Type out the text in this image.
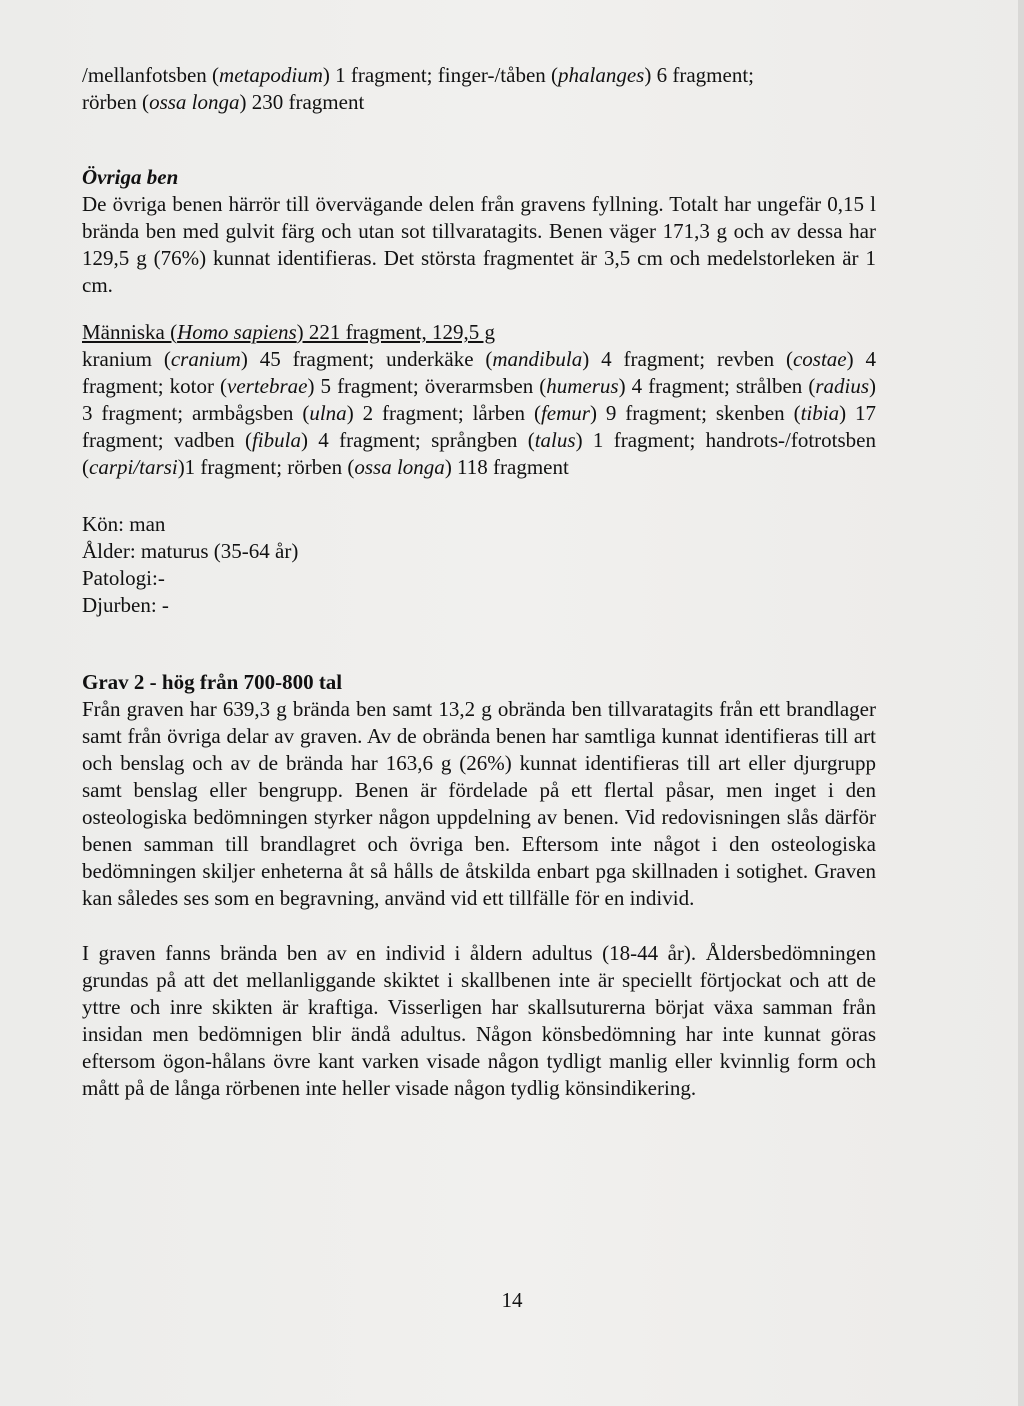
/mellanfotsben (metapodium) 1 fragment; finger-/tåben (phalanges) 6 fragment;
rörben (ossa longa) 230 fragment

Övriga ben

De övriga benen härrör till övervägande delen från gravens fyllning. Totalt har ungefär 0,15 l brända ben med gulvit färg och utan sot tillvaratagits. Benen väger 171,3 g och av dessa har 129,5 g (76%) kunnat identifieras. Det största fragmentet är 3,5 cm och medelstorleken är 1 cm.

Människa (Homo sapiens) 221 fragment, 129,5 g

kranium (cranium) 45 fragment; underkäke (mandibula) 4 fragment; revben (costae) 4 fragment; kotor (vertebrae) 5 fragment; överarmsben (humerus) 4 fragment; strålben (radius) 3 fragment; armbågsben (ulna) 2 fragment; lårben (femur) 9 fragment; skenben (tibia) 17 fragment; vadben (fibula) 4 fragment; språngben (talus) 1 fragment; handrots-/fotrotsben (carpi/tarsi)1 fragment; rörben (ossa longa) 118 fragment

Kön: man

Ålder: maturus (35-64 år)

Patologi:-

Djurben: -

Grav 2 - hög från 700-800 tal

Från graven har 639,3 g brända ben samt 13,2 g obrända ben tillvaratagits från ett brandlager samt från övriga delar av graven. Av de obrända benen har samtliga kunnat identifieras till art och benslag och av de brända har 163,6 g (26%) kunnat identifieras till art eller djurgrupp samt benslag eller bengrupp. Benen är fördelade på ett flertal påsar, men inget i den osteologiska bedömningen styrker någon uppdelning av benen. Vid redovisningen slås därför benen samman till brandlagret och övriga ben. Eftersom inte något i den osteologiska bedömningen skiljer enheterna åt så hålls de åtskilda enbart pga skillnaden i sotighet. Graven kan således ses som en begravning, använd vid ett tillfälle för en individ.

I graven fanns brända ben av en individ i åldern adultus (18-44 år). Åldersbedömningen grundas på att det mellanliggande skiktet i skallbenen inte är speciellt förtjockat och att de yttre och inre skikten är kraftiga. Visserligen har skallsuturerna börjat växa samman från insidan men bedömnigen blir ändå adultus. Någon könsbedömning har inte kunnat göras eftersom ögon-hålans övre kant varken visade någon tydligt manlig eller kvinnlig form och mått på de långa rörbenen inte heller visade någon tydlig könsindikering.

14
